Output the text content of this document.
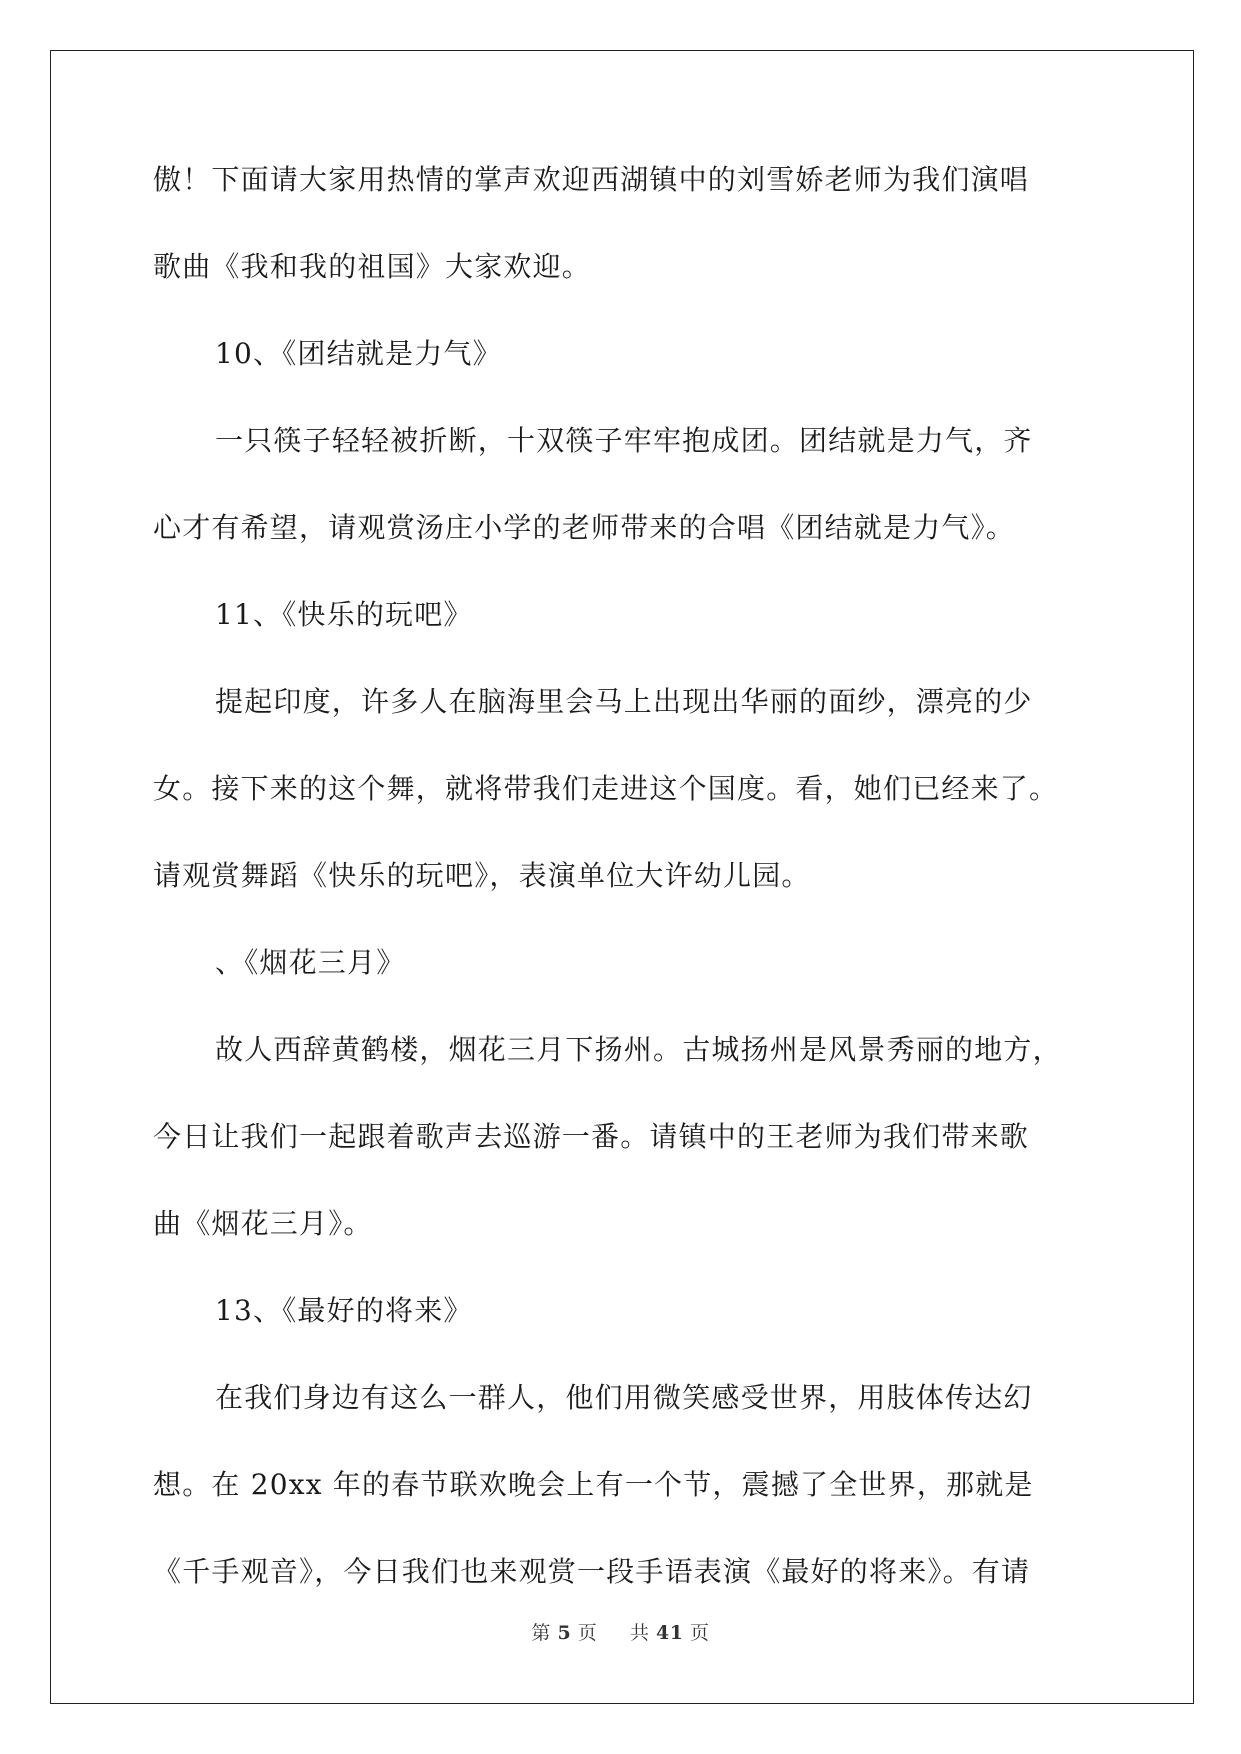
傲！下面请大家用热情的掌声欢迎西湖镇中的刘雪娇老师为我们演唱
歌曲《我和我的祖国》大家欢迎。
10、《团结就是力气》
一只筷子轻轻被折断，十双筷子牢牢抱成团。团结就是力气，齐
心才有希望，请观赏汤庄小学的老师带来的合唱《团结就是力气》。
11、《快乐的玩吧》
提起印度，许多人在脑海里会马上出现出华丽的面纱，漂亮的少
女。接下来的这个舞，就将带我们走进这个国度。看，她们已经来了。
请观赏舞蹈《快乐的玩吧》，表演单位大许幼儿园。
、《烟花三月》
故人西辞黄鹤楼，烟花三月下扬州。古城扬州是风景秀丽的地方，
今日让我们一起跟着歌声去巡游一番。请镇中的王老师为我们带来歌
曲《烟花三月》。
13、《最好的将来》
在我们身边有这么一群人，他们用微笑感受世界，用肢体传达幻
想。在 20xx 年的春节联欢晚会上有一个节，震撼了全世界，那就是
《千手观音》，今日我们也来观赏一段手语表演《最好的将来》。有请
第 5 页 共 41 页
